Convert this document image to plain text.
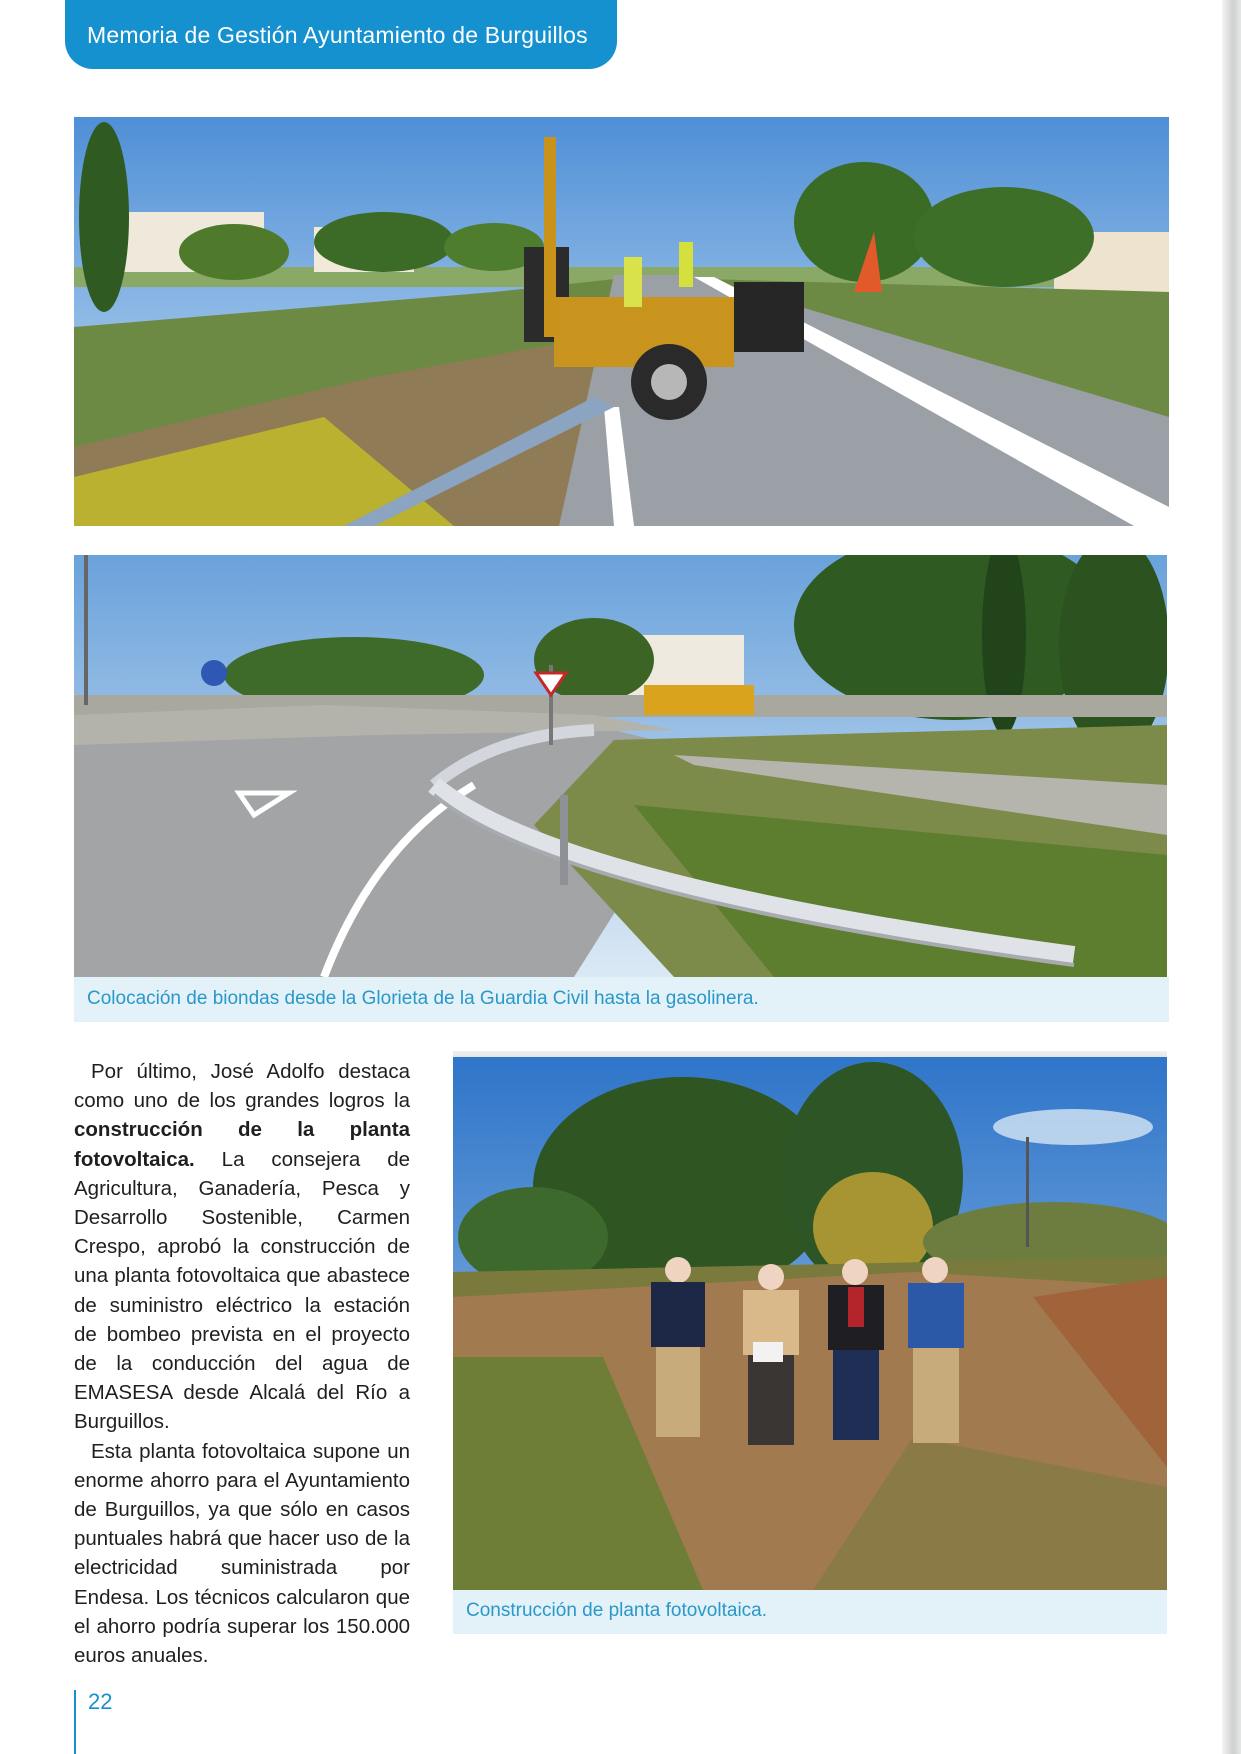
Memoria de Gestión Ayuntamiento de Burguillos
Colocación de biondas desde la Glorieta de la Guardia Civil hasta la gasolinera.

Por último, José Adolfo destaca como uno de los grandes logros la construcción de la planta fotovoltaica. La consejera de Agricultura, Ganadería, Pesca y Desarrollo Sostenible, Carmen Crespo, aprobó la construcción de una planta fotovoltaica que abastece de suministro eléctrico la estación de bombeo prevista en el proyecto de la conducción del agua de EMASESA desde Alcalá del Río a Burguillos.

Esta planta fotovoltaica supone un enorme ahorro para el Ayuntamiento de Burguillos, ya que sólo en casos puntuales habrá que hacer uso de la electricidad suministrada por Endesa. Los técnicos calcularon que el ahorro podría superar los 150.000 euros anuales.

Construcción de planta fotovoltaica.
22
